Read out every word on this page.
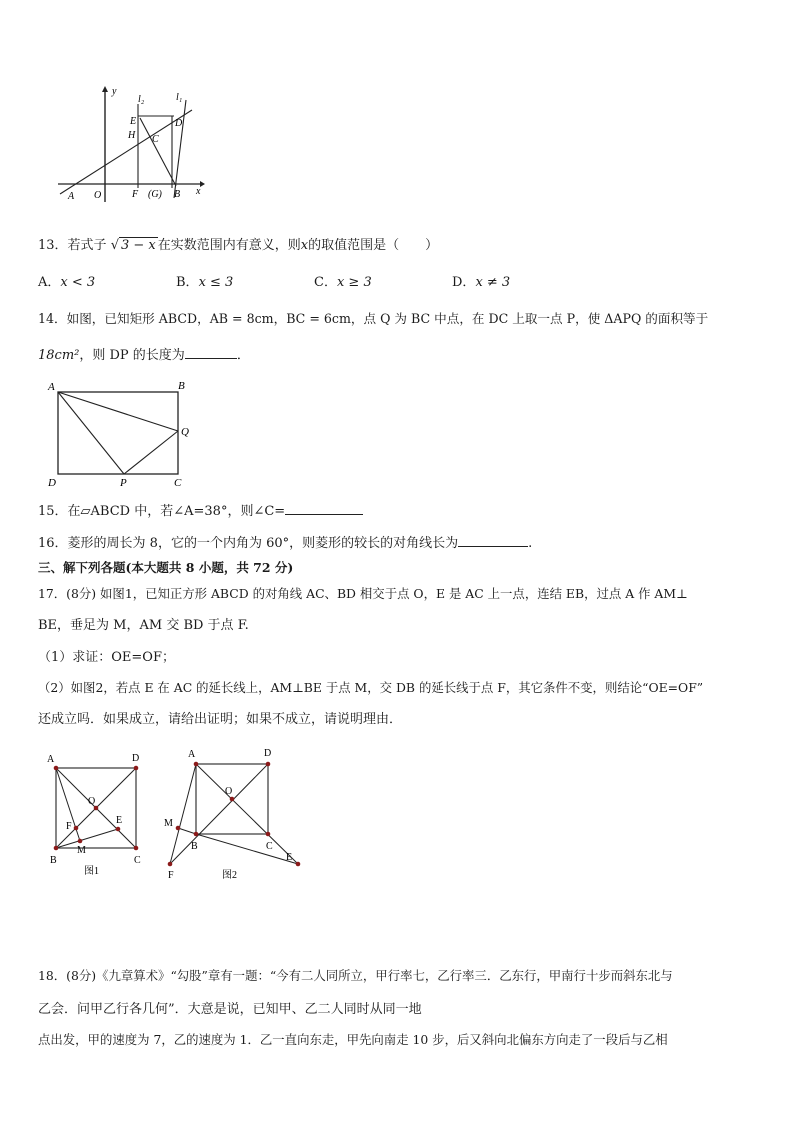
y
x
l₂	l₁
E
H
D
C
A O	F (G) B
13．若式子 √ 3 − x 在实数范围内有意义，则x的取值范围是（　　）
A．x < 3	B．x ≤ 3	C．x ≥ 3	D．x ≠ 3
14．如图，已知矩形 ABCD，AB = 8cm，BC = 6cm，点 Q 为 BC 中点，在 DC 上取一点 P，使 ΔAPQ 的面积等于
18cm²，则 DP 的长度为	．
A	B
Q
D	P	C
15．在▱ABCD 中，若∠A=38°，则∠C=
16．菱形的周长为 8，它的一个内角为 60°，则菱形的较长的对角线长为	.
三、解下列各题(本大题共 8 小题，共 72 分)
17．(8分) 如图1，已知正方形 ABCD 的对角线 AC、BD 相交于点 O，E 是 AC 上一点，连结 EB，过点 A 作 AM⊥
BE，垂足为 M，AM 交 BD 于点 F.
（1）求证：OE=OF；
（2）如图2，若点 E 在 AC 的延长线上，AM⊥BE 于点 M，交 DB 的延长线于点 F，其它条件不变，则结论“OE=OF”
还成立吗．如果成立，请给出证明；如果不成立，请说明理由．
A	D
O
F
E
M
B	C
图1
A	D
O
M
B	C
E
F	图2
18．(8分)《九章算术》“勾股”章有一题：“今有二人同所立，甲行率七，乙行率三．乙东行，甲南行十步而斜东北与
乙会．问甲乙行各几何”．大意是说，已知甲、乙二人同时从同一地
点出发，甲的速度为 7，乙的速度为 1．乙一直向东走，甲先向南走 10 步，后又斜向北偏东方向走了一段后与乙相
